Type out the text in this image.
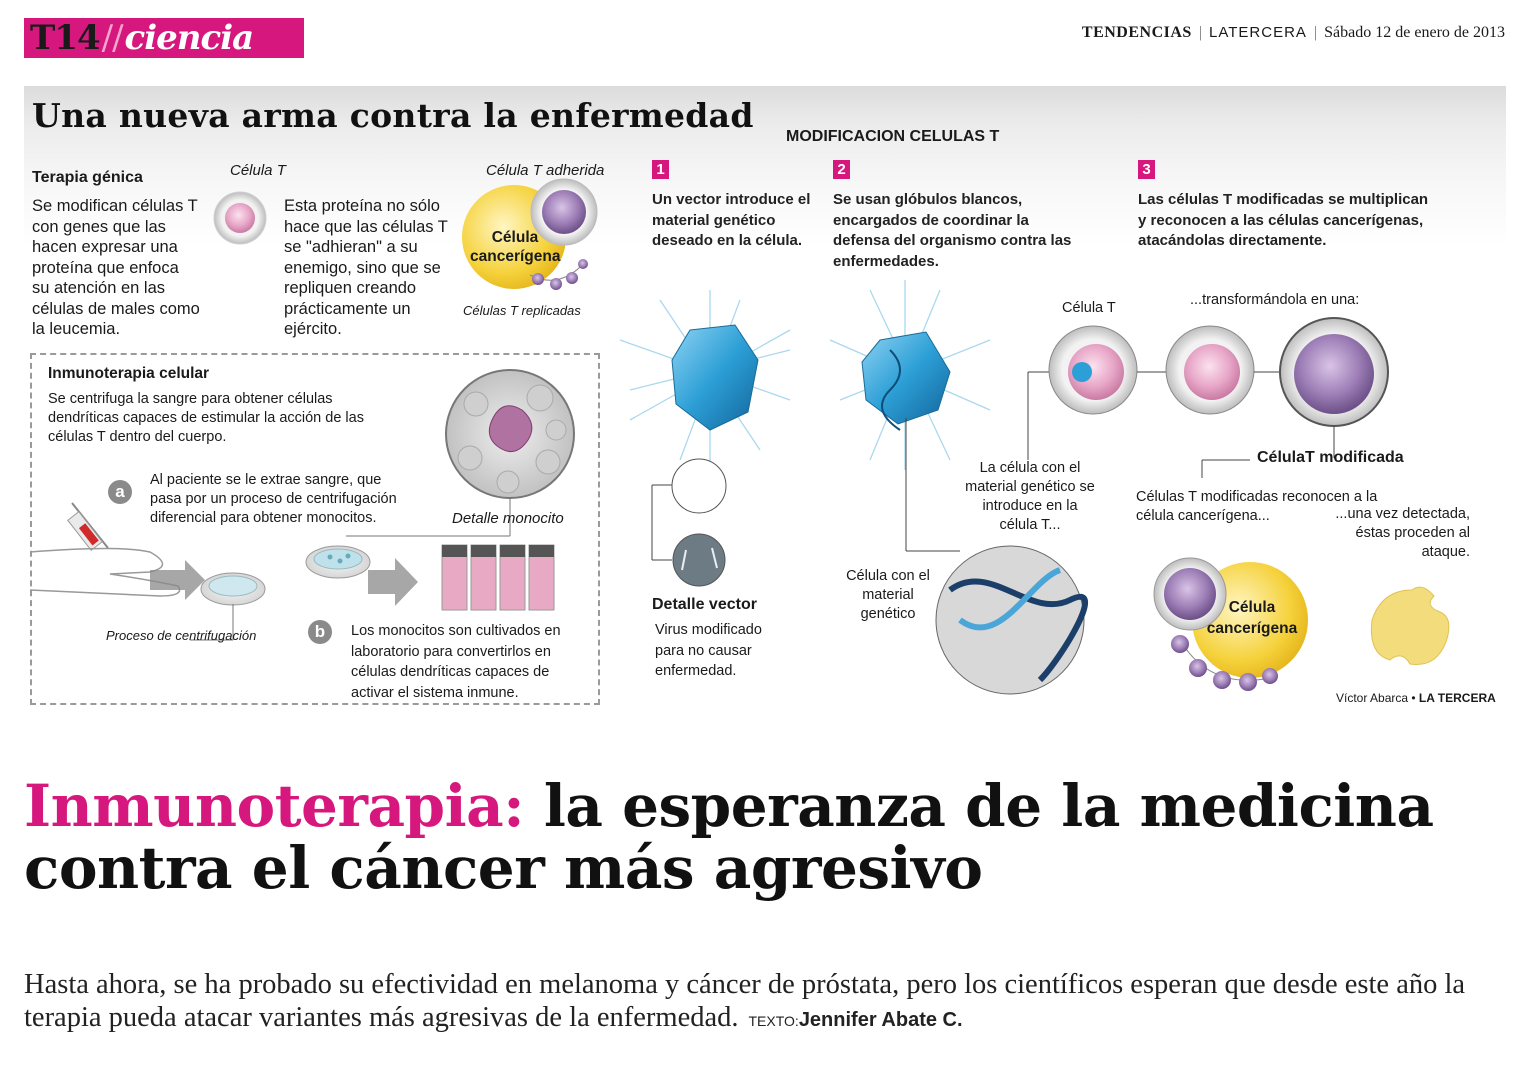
T14//ciencia	TENDENCIAS | LATERCERA | Sábado 12 de enero de 2013
Una nueva arma contra la enfermedad
MODIFICACION CELULAS T
Terapia génica
Se modifican células T con genes que las hacen expresar una proteína que enfoca su atención en las células de males como la leucemia.
Célula T
Esta proteína no sólo hace que las células T se "adhieran" a su enemigo, sino que se repliquen creando prácticamente un ejército.
Célula T adherida
Célula cancerígena
Células T replicadas
Inmunoterapia celular
Se centrifuga la sangre para obtener células dendríticas capaces de estimular la acción de las células T dentro del cuerpo.
a
Al paciente se le extrae sangre, que pasa por un proceso de centrifugación diferencial para obtener monocitos.	Detalle monocito
Proceso de centrifugación	b	Los monocitos son cultivados en laboratorio para convertirlos en células dendríticas capaces de activar el sistema inmune.
1
Un vector introduce el material genético deseado en la célula.
2
Se usan glóbulos blancos, encargados de coordinar la defensa del organismo contra las enfermedades.
3
Las células T modificadas se multiplican y reconocen a las células cancerígenas, atacándolas directamente.
Detalle vector
Virus modificado para no causar enfermedad.
Célula con el material genético
Célula T	...transformándola en una:
La célula con el material genético se introduce en la célula T...
CélulaT modificada
Células T modificadas reconocen a la célula cancerígena...	...una vez detectada, éstas proceden al ataque.
Célula cancerígena
Víctor Abarca • LA TERCERA
Inmunoterapia: la esperanza de la medicina contra el cáncer más agresivo
Hasta ahora, se ha probado su efectividad en melanoma y cáncer de próstata, pero los científicos esperan que desde este año la terapia pueda atacar variantes más agresivas de la enfermedad. TEXTO:Jennifer Abate C.
